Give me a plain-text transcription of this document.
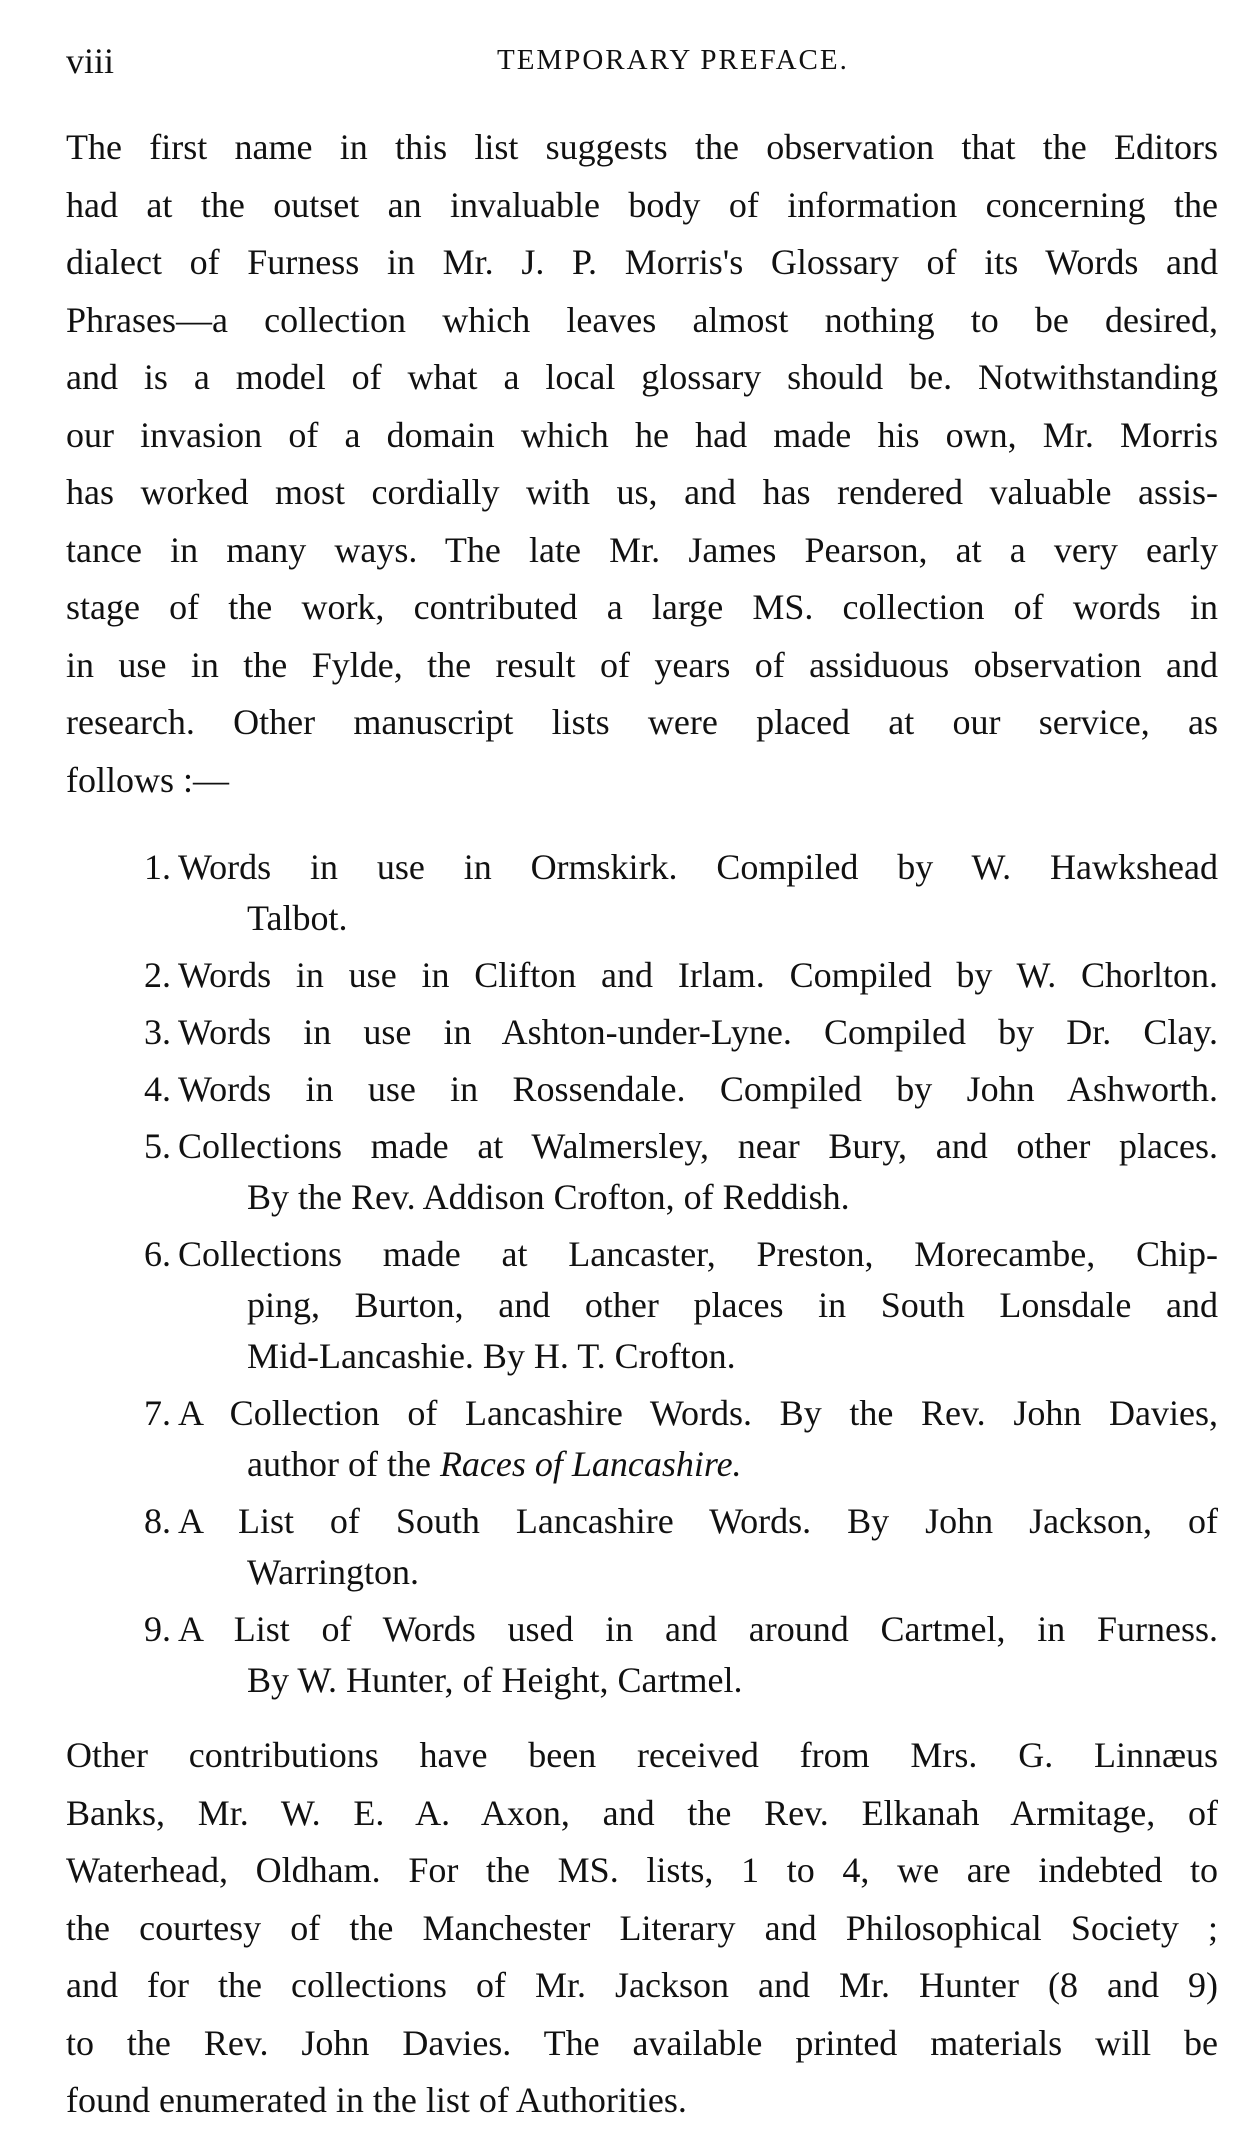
viii	TEMPORARY PREFACE.
The first name in this list suggests the observation that the Editors
had at the outset an invaluable body of information concerning the
dialect of Furness in Mr. J. P. Morris's Glossary of its Words and
Phrases—a collection which leaves almost nothing to be desired,
and is a model of what a local glossary should be. Notwithstanding
our invasion of a domain which he had made his own, Mr. Morris
has worked most cordially with us, and has rendered valuable assis-
tance in many ways. The late Mr. James Pearson, at a very early
stage of the work, contributed a large MS. collection of words in
in use in the Fylde, the result of years of assiduous observation and
research. Other manuscript lists were placed at our service, as
follows :—
1. Words in use in Ormskirk. Compiled by W. Hawkshead
Talbot.
2. Words in use in Clifton and Irlam. Compiled by W. Chorlton.
3. Words in use in Ashton-under-Lyne. Compiled by Dr. Clay.
4. Words in use in Rossendale. Compiled by John Ashworth.
5. Collections made at Walmersley, near Bury, and other places.
By the Rev. Addison Crofton, of Reddish.
6. Collections made at Lancaster, Preston, Morecambe, Chip-
ping, Burton, and other places in South Lonsdale and
Mid-Lancashie. By H. T. Crofton.
7. A Collection of Lancashire Words. By the Rev. John Davies,
author of the Races of Lancashire.
8. A List of South Lancashire Words. By John Jackson, of
Warrington.
9. A List of Words used in and around Cartmel, in Furness.
By W. Hunter, of Height, Cartmel.
Other contributions have been received from Mrs. G. Linnæus
Banks, Mr. W. E. A. Axon, and the Rev. Elkanah Armitage, of
Waterhead, Oldham. For the MS. lists, 1 to 4, we are indebted to
the courtesy of the Manchester Literary and Philosophical Society ;
and for the collections of Mr. Jackson and Mr. Hunter (8 and 9)
to the Rev. John Davies. The available printed materials will be
found enumerated in the list of Authorities.
